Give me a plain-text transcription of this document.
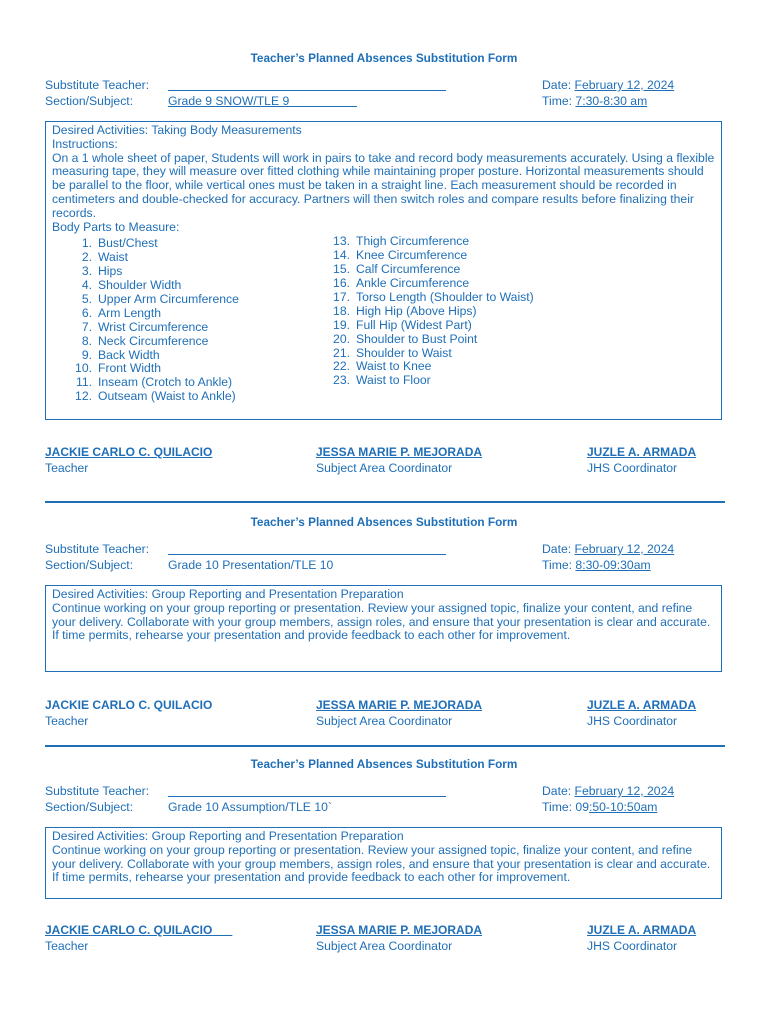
Teacher’s Planned Absences Substitution Form
Substitute Teacher:	Date: February 12, 2024
Section/Subject:	Grade 9 SNOW/TLE 9	Time: 7:30-8:30 am

Desired Activities: Taking Body Measurements

Instructions:

On a 1 whole sheet of paper, Students will work in pairs to take and record body measurements accurately. Using a flexible measuring tape, they will measure over fitted clothing while maintaining proper posture. Horizontal measurements should be parallel to the floor, while vertical ones must be taken in a straight line. Each measurement should be recorded in centimeters and double-checked for accuracy. Partners will then switch roles and compare results before finalizing their records.

Body Parts to Measure:

1. Bust/Chest
2. Waist
3. Hips
4. Shoulder Width
5. Upper Arm Circumference
6. Arm Length
7. Wrist Circumference
8. Neck Circumference
9. Back Width
10. Front Width
11. Inseam (Crotch to Ankle)
12. Outseam (Waist to Ankle)
13. Thigh Circumference
14. Knee Circumference
15. Calf Circumference
16. Ankle Circumference
17. Torso Length (Shoulder to Waist)
18. High Hip (Above Hips)
19. Full Hip (Widest Part)
20. Shoulder to Bust Point
21. Shoulder to Waist
22. Waist to Knee
23. Waist to Floor
JACKIE CARLO C. QUILACIO
Teacher
JESSA MARIE P. MEJORADA
Subject Area Coordinator
JUZLE A. ARMADA
JHS Coordinator
Teacher’s Planned Absences Substitution Form
Substitute Teacher:	Date: February 12, 2024
Section/Subject:	Grade 10 Presentation/TLE 10	Time: 8:30-09:30am

Desired Activities: Group Reporting and Presentation Preparation

Continue working on your group reporting or presentation. Review your assigned topic, finalize your content, and refine your delivery. Collaborate with your group members, assign roles, and ensure that your presentation is clear and accurate. If time permits, rehearse your presentation and provide feedback to each other for improvement.

JACKIE CARLO C. QUILACIO
Teacher
JESSA MARIE P. MEJORADA
Subject Area Coordinator
JUZLE A. ARMADA
JHS Coordinator
Teacher’s Planned Absences Substitution Form
Substitute Teacher:	Date: February 12, 2024
Section/Subject:	Grade 10 Assumption/TLE 10`	Time: 09:50-10:50am

Desired Activities: Group Reporting and Presentation Preparation

Continue working on your group reporting or presentation. Review your assigned topic, finalize your content, and refine your delivery. Collaborate with your group members, assign roles, and ensure that your presentation is clear and accurate. If time permits, rehearse your presentation and provide feedback to each other for improvement.

JACKIE CARLO C. QUILACIO
Teacher
JESSA MARIE P. MEJORADA
Subject Area Coordinator
JUZLE A. ARMADA
JHS Coordinator
